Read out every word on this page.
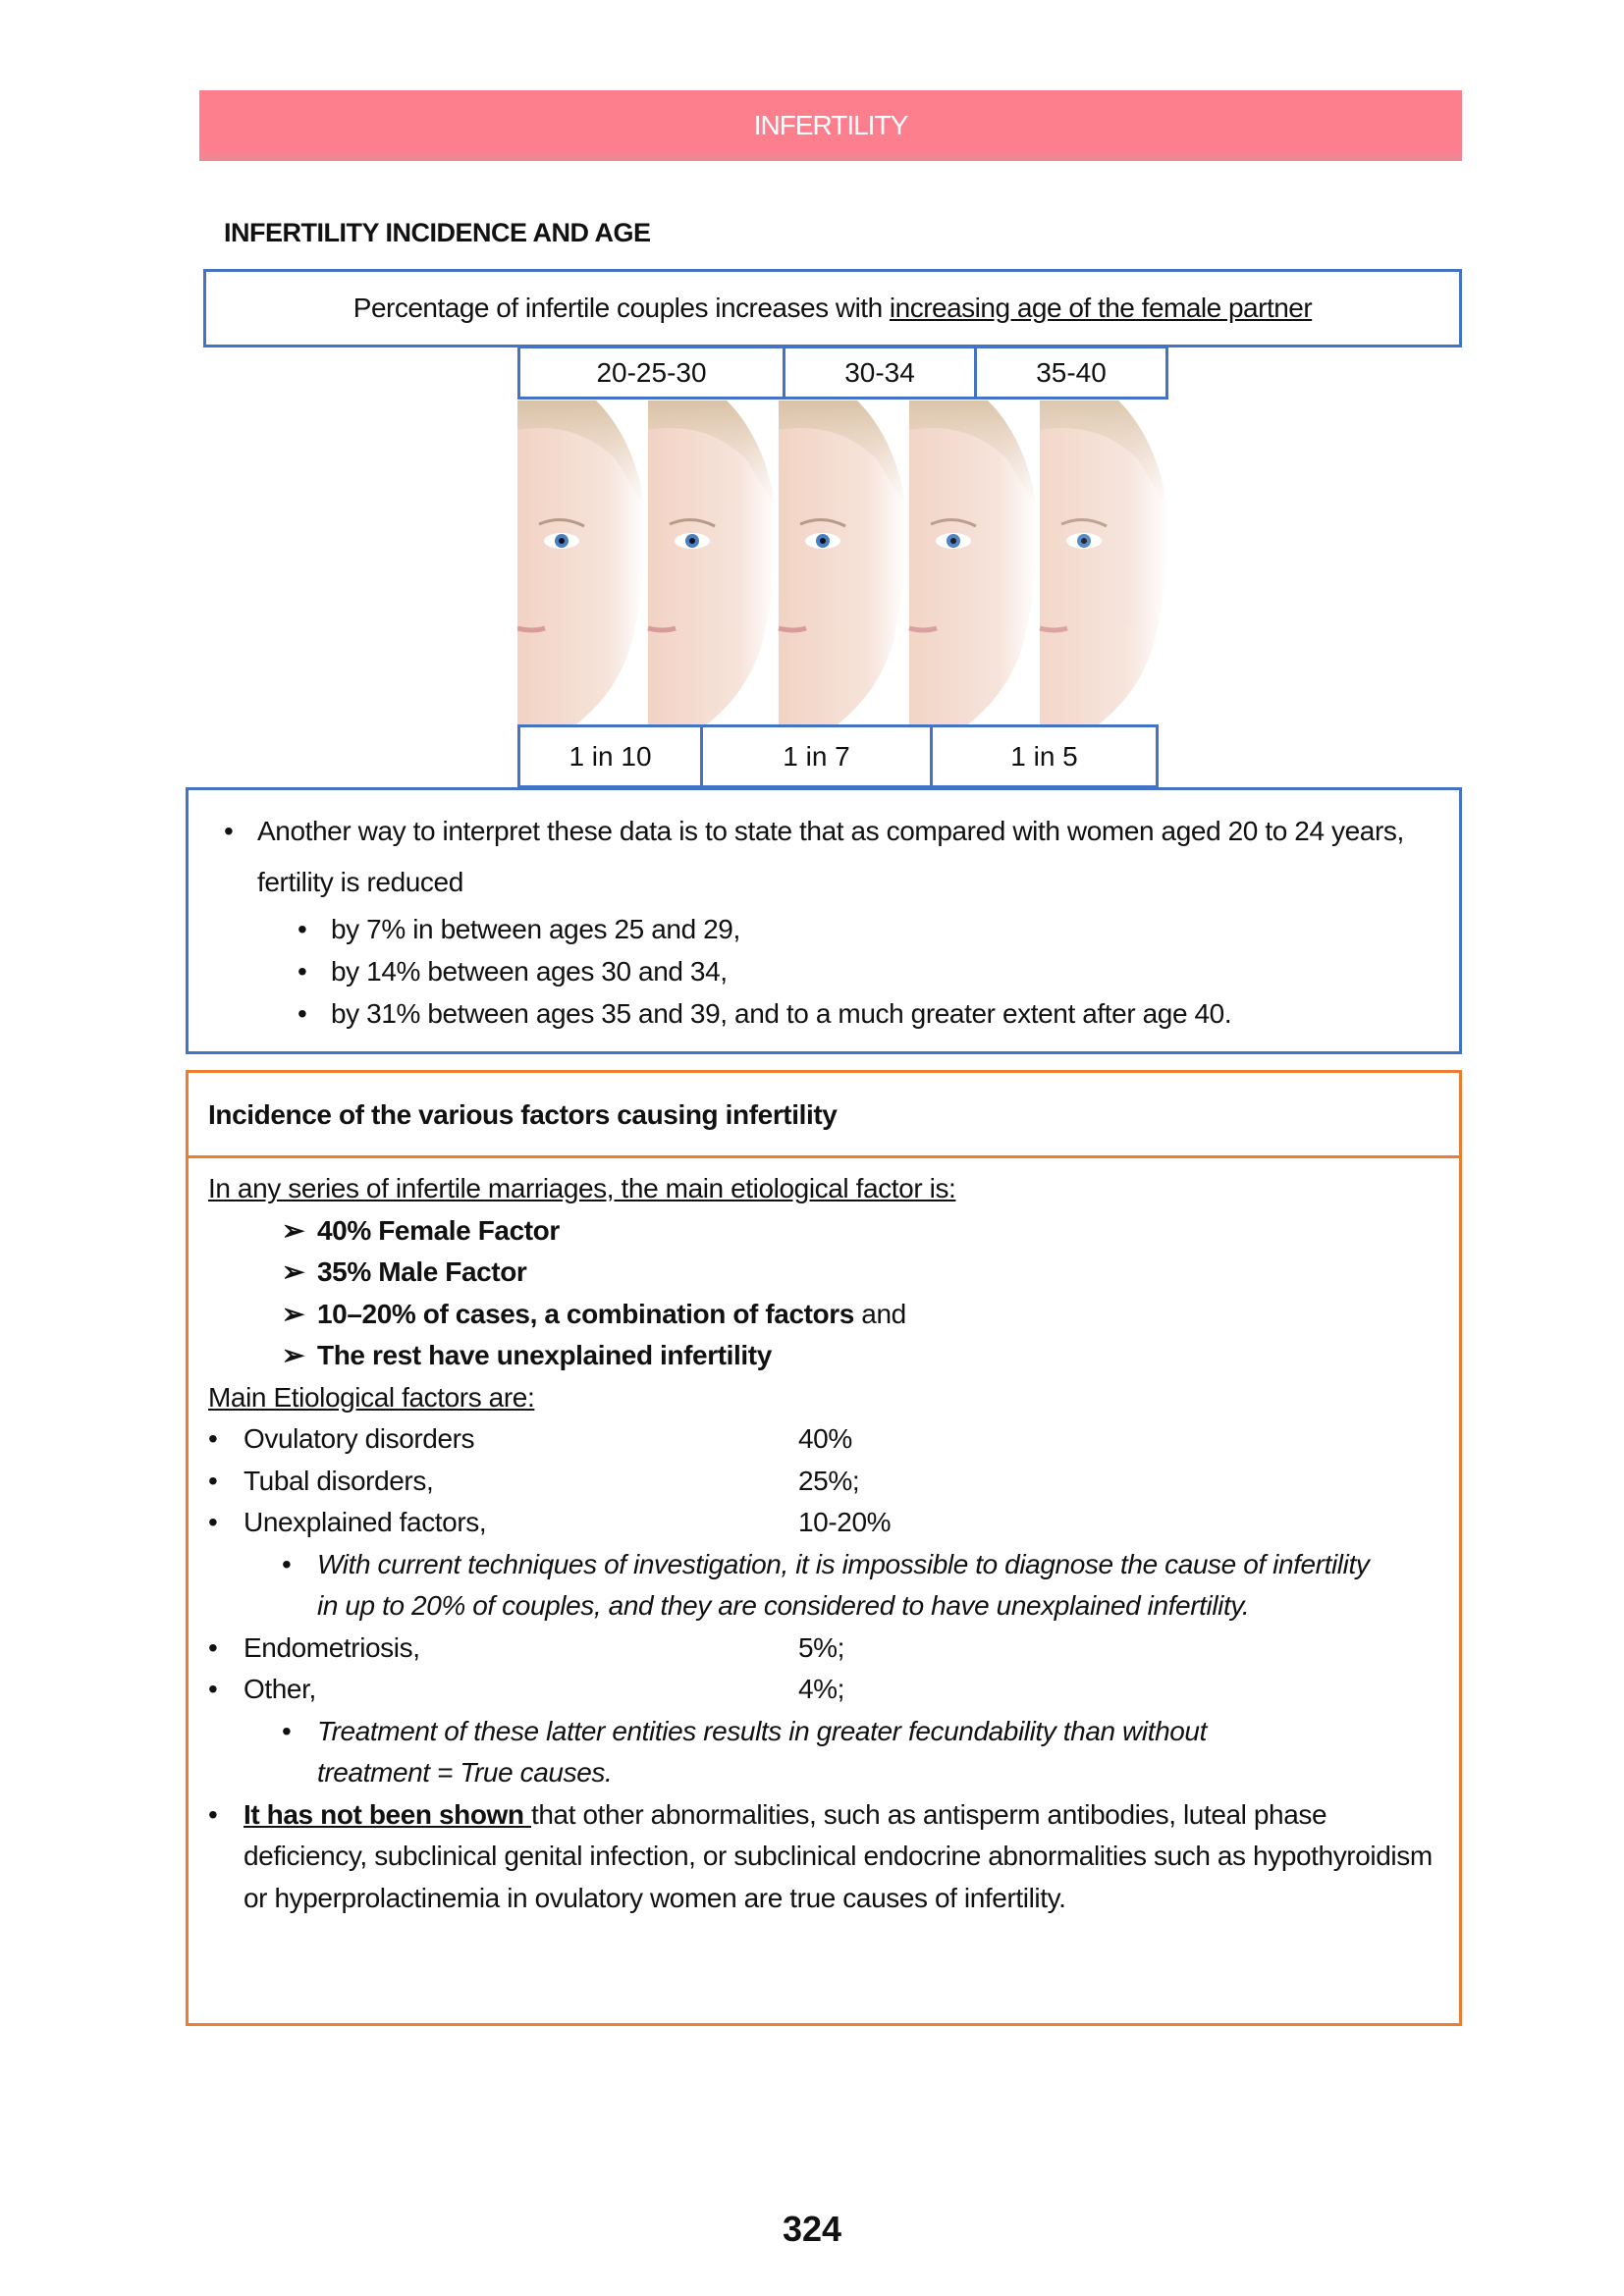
INFERTILITY
INFERTILITY INCIDENCE AND AGE
Percentage of infertile couples increases with increasing age of the female partner
20-25-30	30-34	35-40
1 in 10	1 in 7	1 in 5
• Another way to interpret these data is to state that as compared with women aged 20 to 24 years, fertility is reduced
• by 7% in between ages 25 and 29,
• by 14% between ages 30 and 34,
• by 31% between ages 35 and 39, and to a much greater extent after age 40.
Incidence of the various factors causing infertility
In any series of infertile marriages, the main etiological factor is:
➢ 40% Female Factor
➢ 35% Male Factor
➢ 10–20% of cases, a combination of factors and
➢ The rest have unexplained infertility
Main Etiological factors are:
• Ovulatory disorders	40%
• Tubal disorders,	25%;
• Unexplained factors,	10-20%
• With current techniques of investigation, it is impossible to diagnose the cause of infertility in up to 20% of couples, and they are considered to have unexplained infertility.
• Endometriosis,	5%;
• Other,	4%;
• Treatment of these latter entities results in greater fecundability than without treatment = True causes.
• It has not been shown that other abnormalities, such as antisperm antibodies, luteal phase deficiency, subclinical genital infection, or subclinical endocrine abnormalities such as hypothyroidism or hyperprolactinemia in ovulatory women are true causes of infertility.
324
